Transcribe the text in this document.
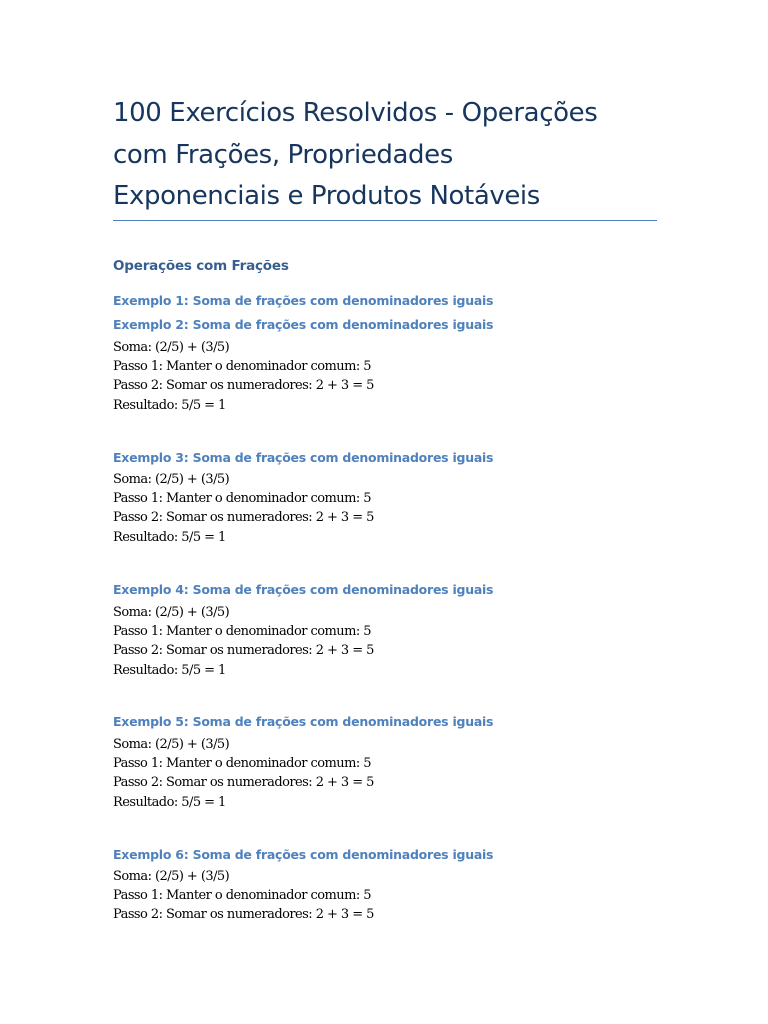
100 Exercícios Resolvidos - Operações
com Frações, Propriedades
Exponenciais e Produtos Notáveis
Operações com Frações
Exemplo 1: Soma de frações com denominadores iguais
Exemplo 2: Soma de frações com denominadores iguais
Soma: (2/5) + (3/5)
Passo 1: Manter o denominador comum: 5
Passo 2: Somar os numeradores: 2 + 3 = 5
Resultado: 5/5 = 1
Exemplo 3: Soma de frações com denominadores iguais
Soma: (2/5) + (3/5)
Passo 1: Manter o denominador comum: 5
Passo 2: Somar os numeradores: 2 + 3 = 5
Resultado: 5/5 = 1
Exemplo 4: Soma de frações com denominadores iguais
Soma: (2/5) + (3/5)
Passo 1: Manter o denominador comum: 5
Passo 2: Somar os numeradores: 2 + 3 = 5
Resultado: 5/5 = 1
Exemplo 5: Soma de frações com denominadores iguais
Soma: (2/5) + (3/5)
Passo 1: Manter o denominador comum: 5
Passo 2: Somar os numeradores: 2 + 3 = 5
Resultado: 5/5 = 1
Exemplo 6: Soma de frações com denominadores iguais
Soma: (2/5) + (3/5)
Passo 1: Manter o denominador comum: 5
Passo 2: Somar os numeradores: 2 + 3 = 5
